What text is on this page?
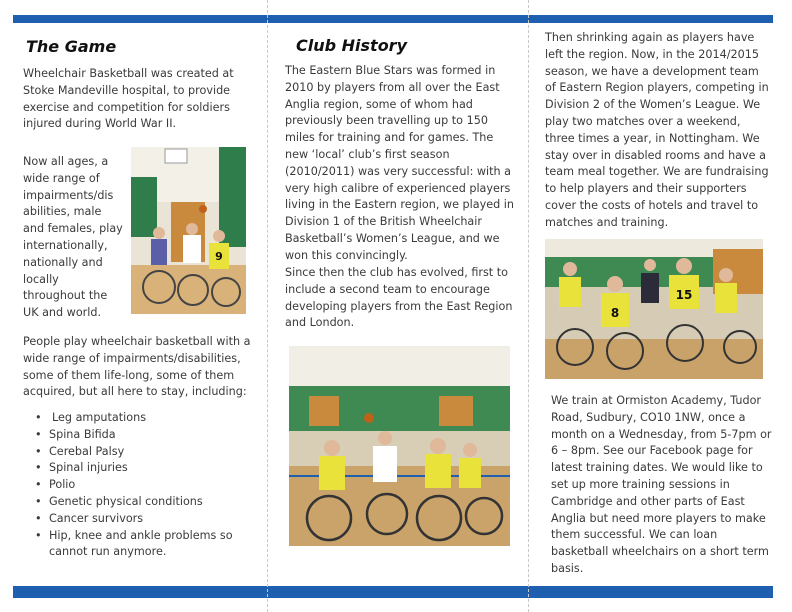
The Game

Wheelchair Basketball was created at Stoke Mandeville hospital, to provide exercise and competition for soldiers injured during World War II.

Now all ages, a
wide range of
impairments/dis
abilities, male
and females, play
internationally,
nationally and
locally
throughout the
UK and world.
9

People play wheelchair basketball with a wide range of impairments/disabilities, some of them life-long, some of them acquired, but all here to stay, including:

• Leg amputations
• Spina Bifida
• Cerebal Palsy
• Spinal injuries
• Polio
• Genetic physical conditions
• Cancer survivors
• Hip, knee and ankle problems so cannot run anymore.
Club History

The Eastern Blue Stars was formed in 2010 by players from all over the East Anglia region, some of whom had previously been travelling up to 150 miles for training and for games. The new ‘local’ club’s first season (2010/2011) was very successful: with a very high calibre of experienced players living in the Eastern region, we played in Division 1 of the British Wheelchair Basketball’s Women’s League, and we won this convincingly.

Since then the club has evolved, first to include a second team to encourage developing players from the East Region and London.

Then shrinking again as players have left the region. Now, in the 2014/2015 season, we have a development team of Eastern Region players, competing in Division 2 of the Women’s League. We play two matches over a weekend, three times a year, in Nottingham. We stay over in disabled rooms and have a team meal together. We are fundraising to help players and their supporters cover the costs of hotels and travel to matches and training.

8
15

We train at Ormiston Academy, Tudor Road, Sudbury, CO10 1NW, once a month on a Wednesday, from 5-7pm or 6 – 8pm. See our Facebook page for latest training dates. We would like to set up more training sessions in Cambridge and other parts of East Anglia but need more players to make them successful. We can loan basketball wheelchairs on a short term basis.
